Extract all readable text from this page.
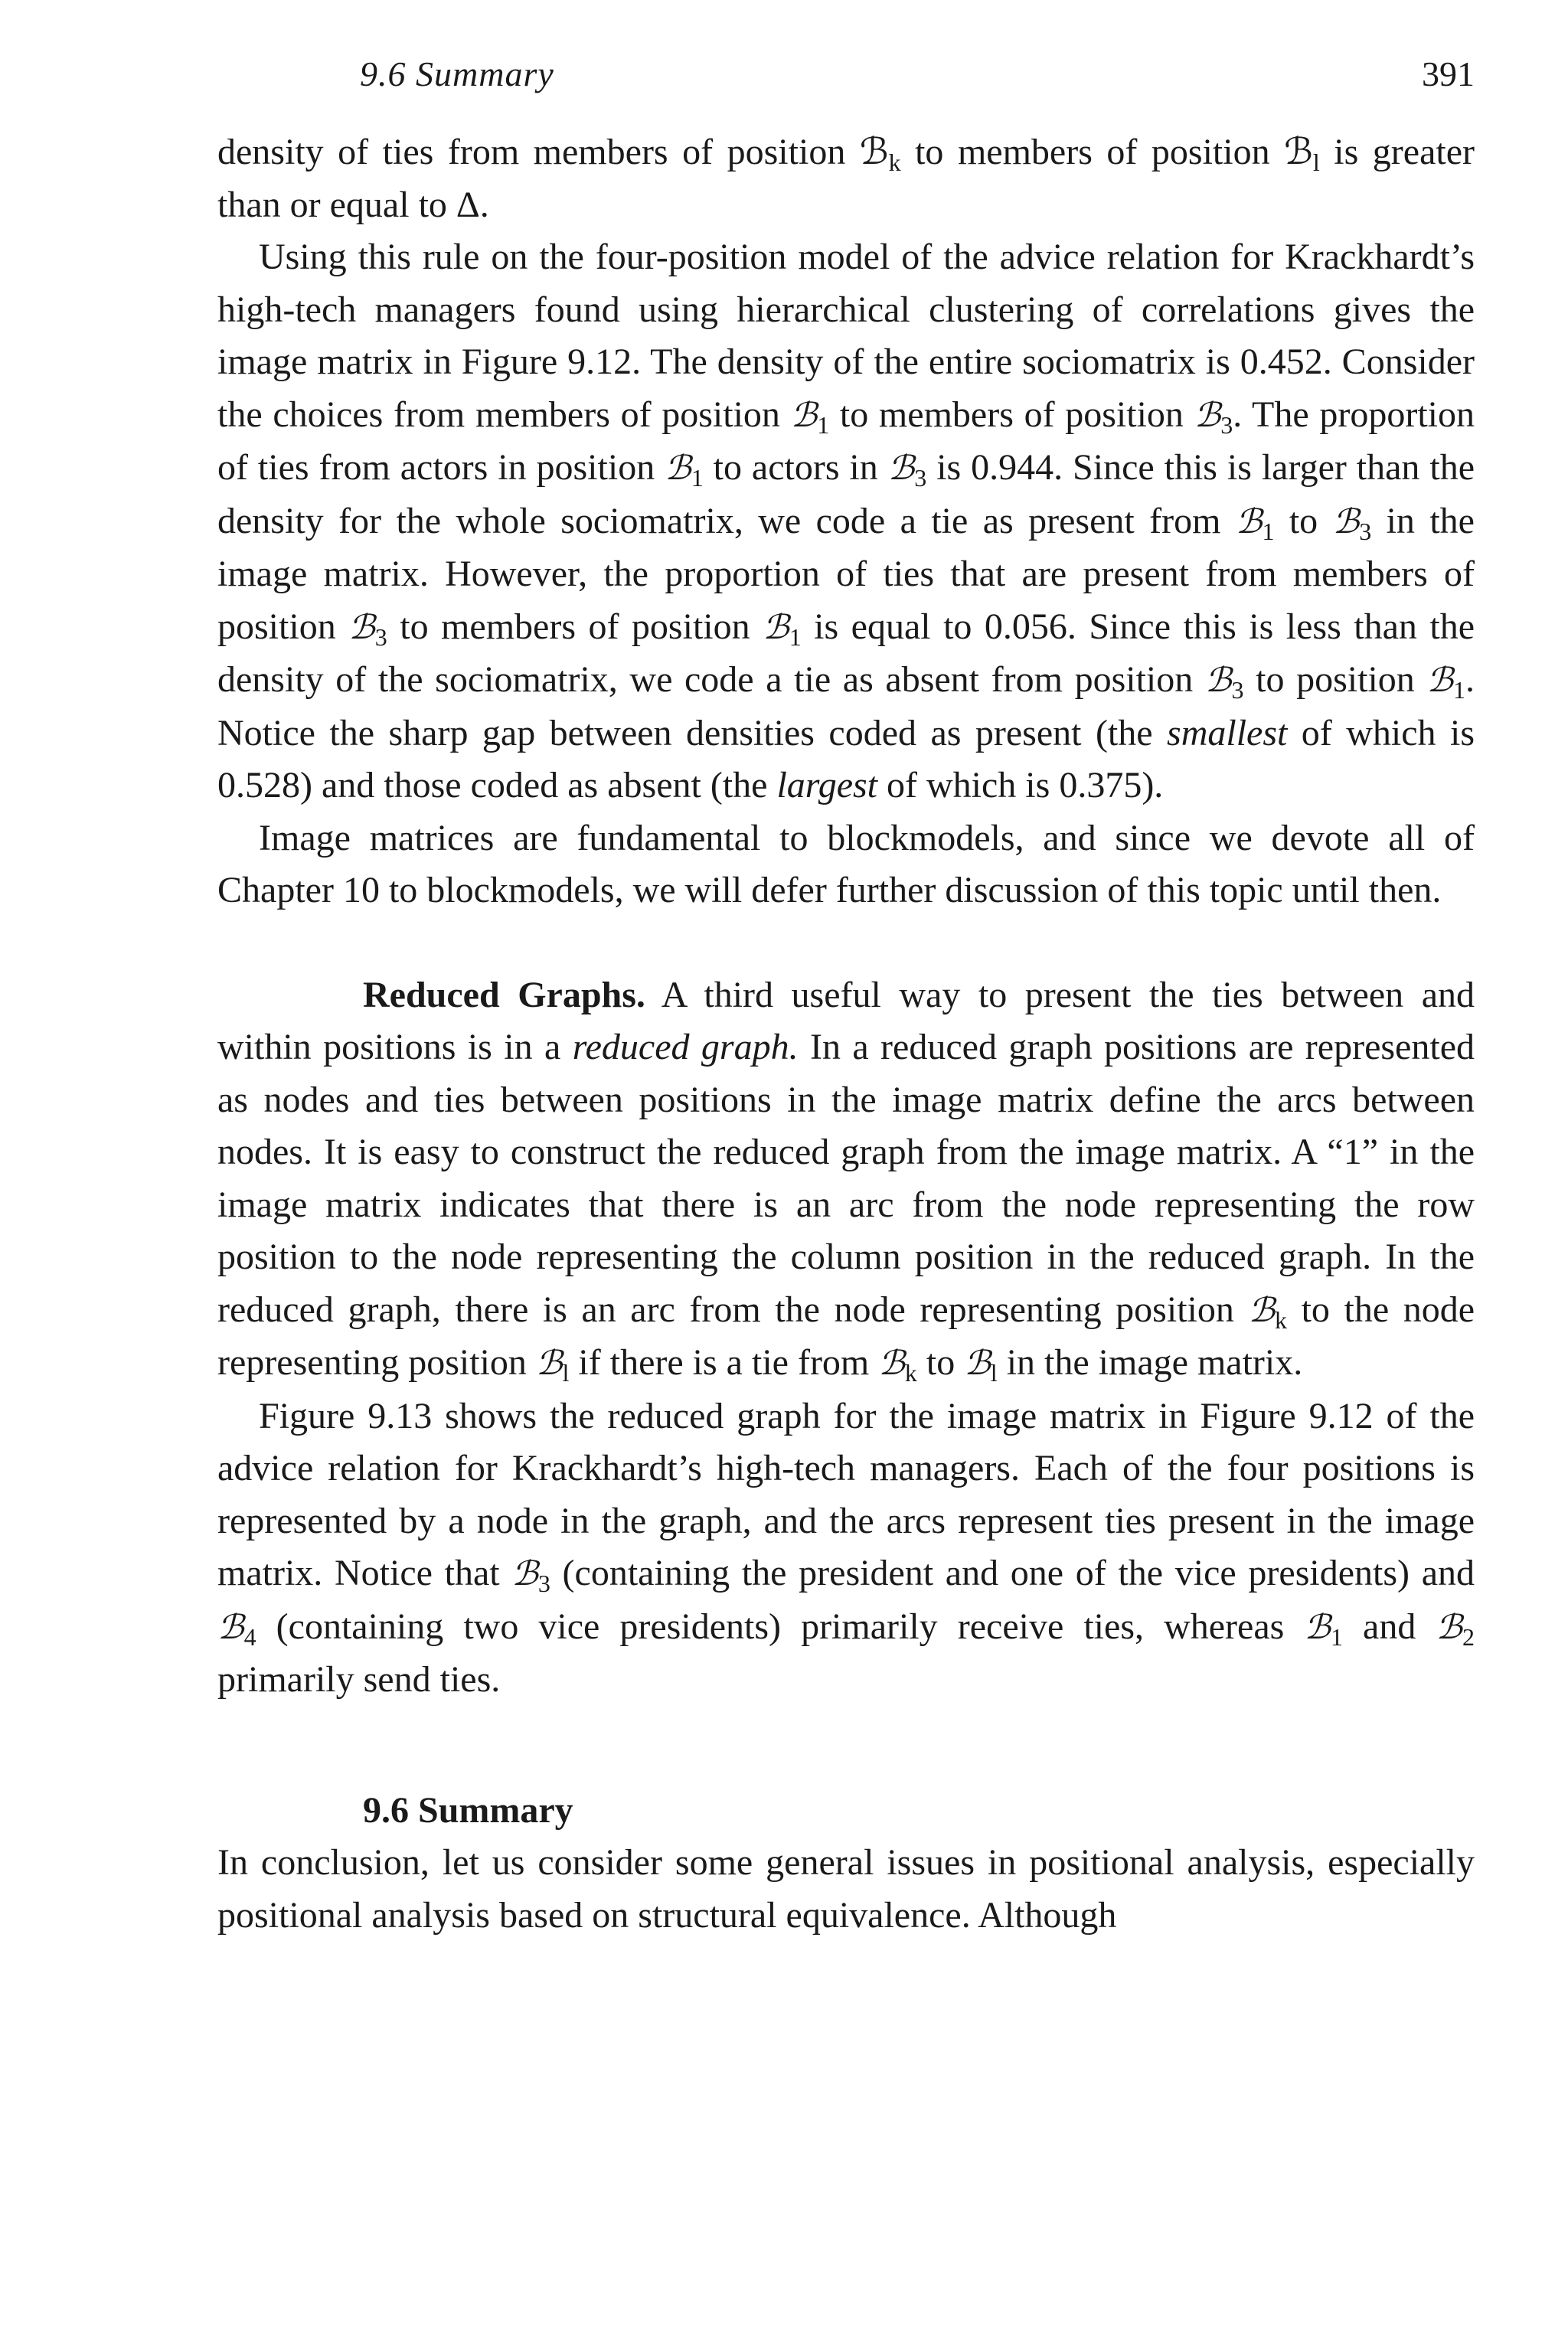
9.6 Summary	391

density of ties from members of position ℬ$_k$ to members of position ℬ$_l$ is greater than or equal to Δ.

Using this rule on the four-position model of the advice relation for Krackhardt’s high-tech managers found using hierarchical clustering of correlations gives the image matrix in Figure 9.12. The density of the entire sociomatrix is 0.452. Consider the choices from members of position ℬ$_1$ to members of position ℬ$_3$. The proportion of ties from actors in position ℬ$_1$ to actors in ℬ$_3$ is 0.944. Since this is larger than the density for the whole sociomatrix, we code a tie as present from ℬ$_1$ to ℬ$_3$ in the image matrix. However, the proportion of ties that are present from members of position ℬ$_3$ to members of position ℬ$_1$ is equal to 0.056. Since this is less than the density of the sociomatrix, we code a tie as absent from position ℬ$_3$ to position ℬ$_1$. Notice the sharp gap between densities coded as present (the smallest of which is 0.528) and those coded as absent (the largest of which is 0.375).

Image matrices are fundamental to blockmodels, and since we devote all of Chapter 10 to blockmodels, we will defer further discussion of this topic until then.

Reduced Graphs. A third useful way to present the ties between and within positions is in a reduced graph. In a reduced graph positions are represented as nodes and ties between positions in the image matrix define the arcs between nodes. It is easy to construct the reduced graph from the image matrix. A “1” in the image matrix indicates that there is an arc from the node representing the row position to the node representing the column position in the reduced graph. In the reduced graph, there is an arc from the node representing position ℬ$_k$ to the node representing position ℬ$_l$ if there is a tie from ℬ$_k$ to ℬ$_l$ in the image matrix.

Figure 9.13 shows the reduced graph for the image matrix in Figure 9.12 of the advice relation for Krackhardt’s high-tech managers. Each of the four positions is represented by a node in the graph, and the arcs represent ties present in the image matrix. Notice that ℬ$_3$ (containing the president and one of the vice presidents) and ℬ$_4$ (containing two vice presidents) primarily receive ties, whereas ℬ$_1$ and ℬ$_2$ primarily send ties.

9.6 Summary

In conclusion, let us consider some general issues in positional analysis, especially positional analysis based on structural equivalence. Although
